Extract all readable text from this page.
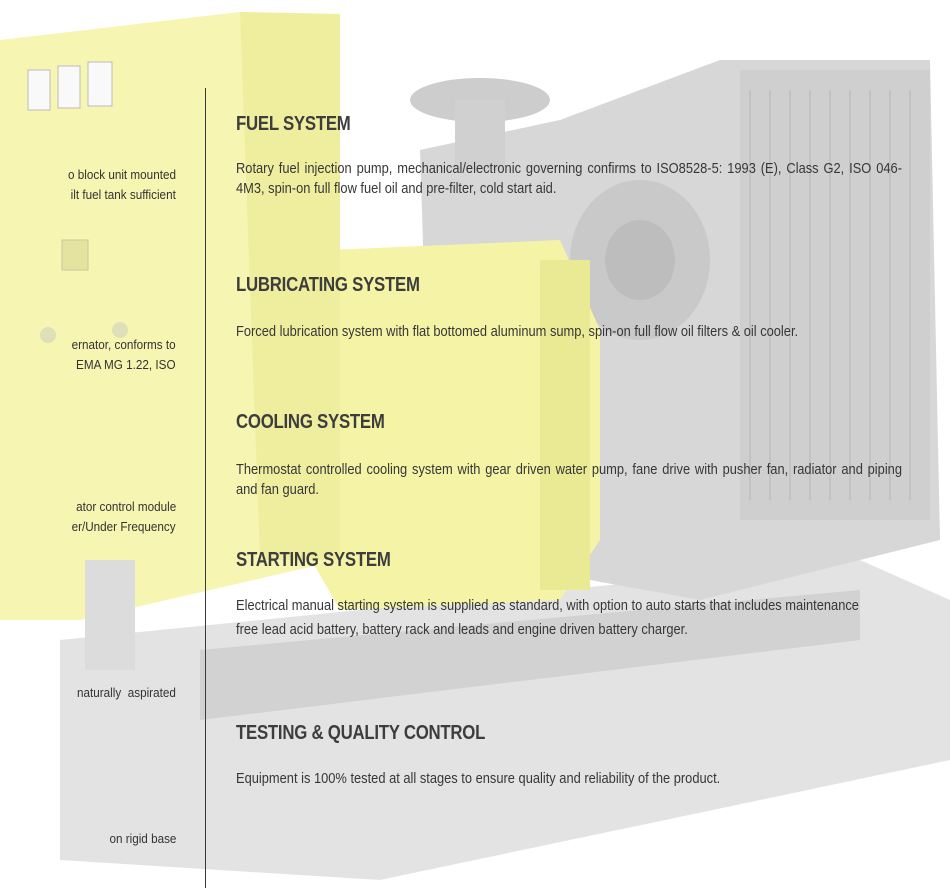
o block unit mounted
ilt fuel tank sufficient
ernator, conforms to
EMA MG 1.22, ISO
ator control module
er/Under Frequency
naturally  aspirated
on rigid base
FUEL SYSTEM

Rotary fuel injection pump, mechanical/electronic governing confirms to ISO8528-5: 1993 (E), Class G2, ISO 046-4M3, spin-on full flow fuel oil and pre-filter, cold start aid.

LUBRICATING SYSTEM

Forced lubrication system with flat bottomed aluminum sump, spin-on full flow oil filters & oil cooler.

COOLING SYSTEM

Thermostat controlled cooling system with gear driven water pump, fane drive with pusher fan, radiator and piping and fan guard.

STARTING SYSTEM

Electrical manual starting system is supplied as standard, with option to auto starts that includes maintenance free lead acid battery, battery rack and leads and engine driven battery charger.

TESTING & QUALITY CONTROL

Equipment is 100% tested at all stages to ensure quality and reliability of the product.
